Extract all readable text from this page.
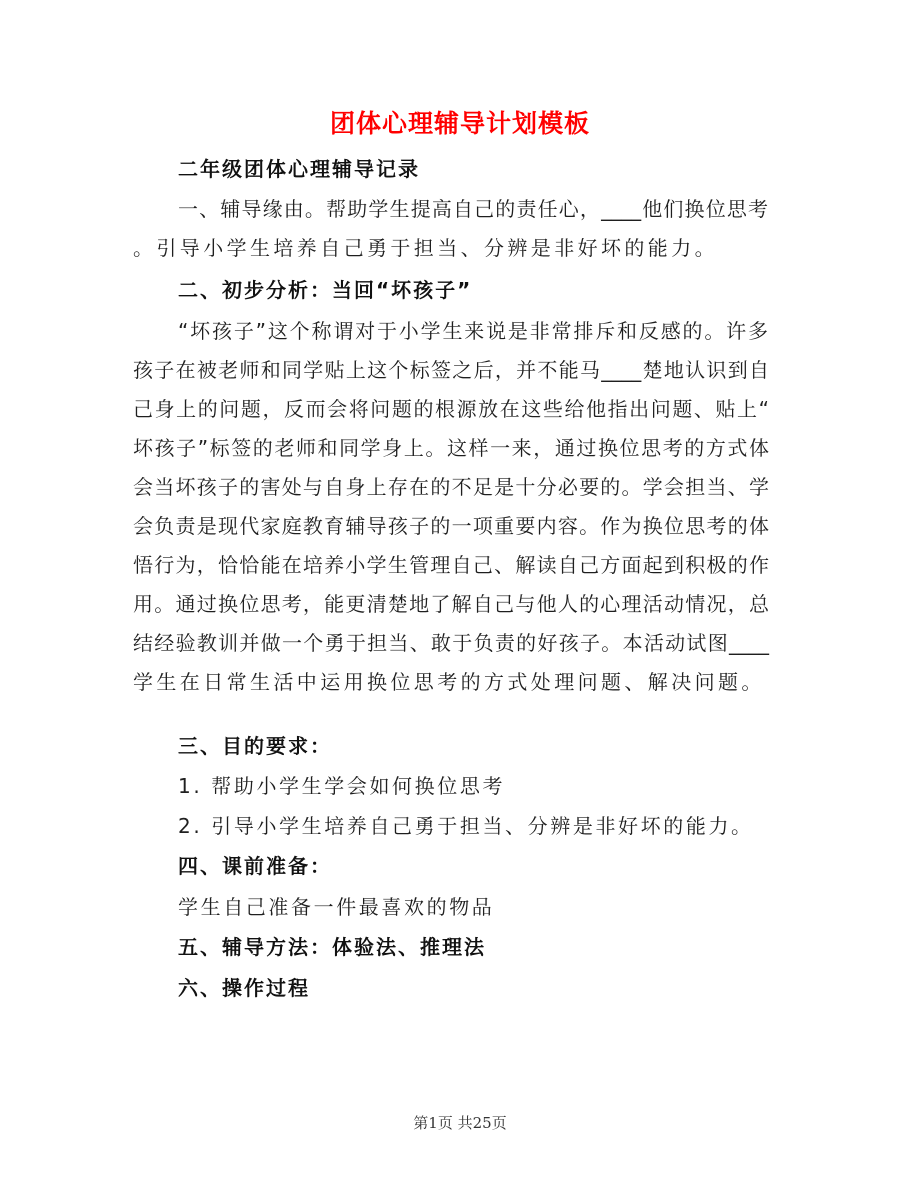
团体心理辅导计划模板
二年级团体心理辅导记录
一、辅导缘由。帮助学生提高自己的责任心，____他们换位思考
。引导小学生培养自己勇于担当、分辨是非好坏的能力。
二、初步分析：当回“坏孩子”
“坏孩子”这个称谓对于小学生来说是非常排斥和反感的。许多
孩子在被老师和同学贴上这个标签之后，并不能马____楚地认识到自
己身上的问题，反而会将问题的根源放在这些给他指出问题、贴上“
坏孩子”标签的老师和同学身上。这样一来，通过换位思考的方式体
会当坏孩子的害处与自身上存在的不足是十分必要的。学会担当、学
会负责是现代家庭教育辅导孩子的一项重要内容。作为换位思考的体
悟行为，恰恰能在培养小学生管理自己、解读自己方面起到积极的作
用。通过换位思考，能更清楚地了解自己与他人的心理活动情况，总
结经验教训并做一个勇于担当、敢于负责的好孩子。本活动试图____
学生在日常生活中运用换位思考的方式处理问题、解决问题。
三、目的要求：
1. 帮助小学生学会如何换位思考
2. 引导小学生培养自己勇于担当、分辨是非好坏的能力。
四、课前准备：
学生自己准备一件最喜欢的物品
五、辅导方法：体验法、推理法
六、操作过程
第1页 共25页
